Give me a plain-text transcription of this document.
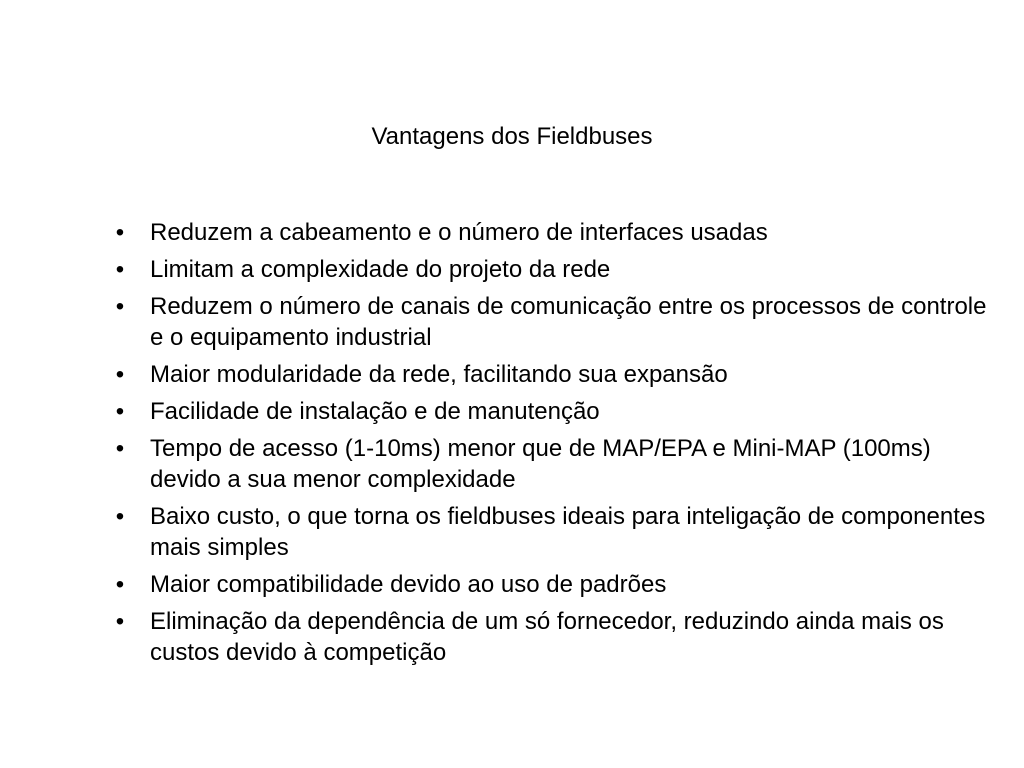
Vantagens dos Fieldbuses
• Reduzem a cabeamento e o número de interfaces usadas
• Limitam a complexidade do projeto da rede
• Reduzem o número de canais de comunicação entre os processos de controle e o equipamento industrial
• Maior modularidade da rede, facilitando sua expansão
• Facilidade de instalação e de manutenção
• Tempo de acesso (1-10ms) menor que de MAP/EPA e Mini-MAP (100ms) devido a sua menor complexidade
• Baixo custo, o que torna os fieldbuses ideais para inteligação de componentes mais simples
• Maior compatibilidade devido ao uso de padrões
• Eliminação da dependência de um só fornecedor, reduzindo ainda mais os custos devido à competição
